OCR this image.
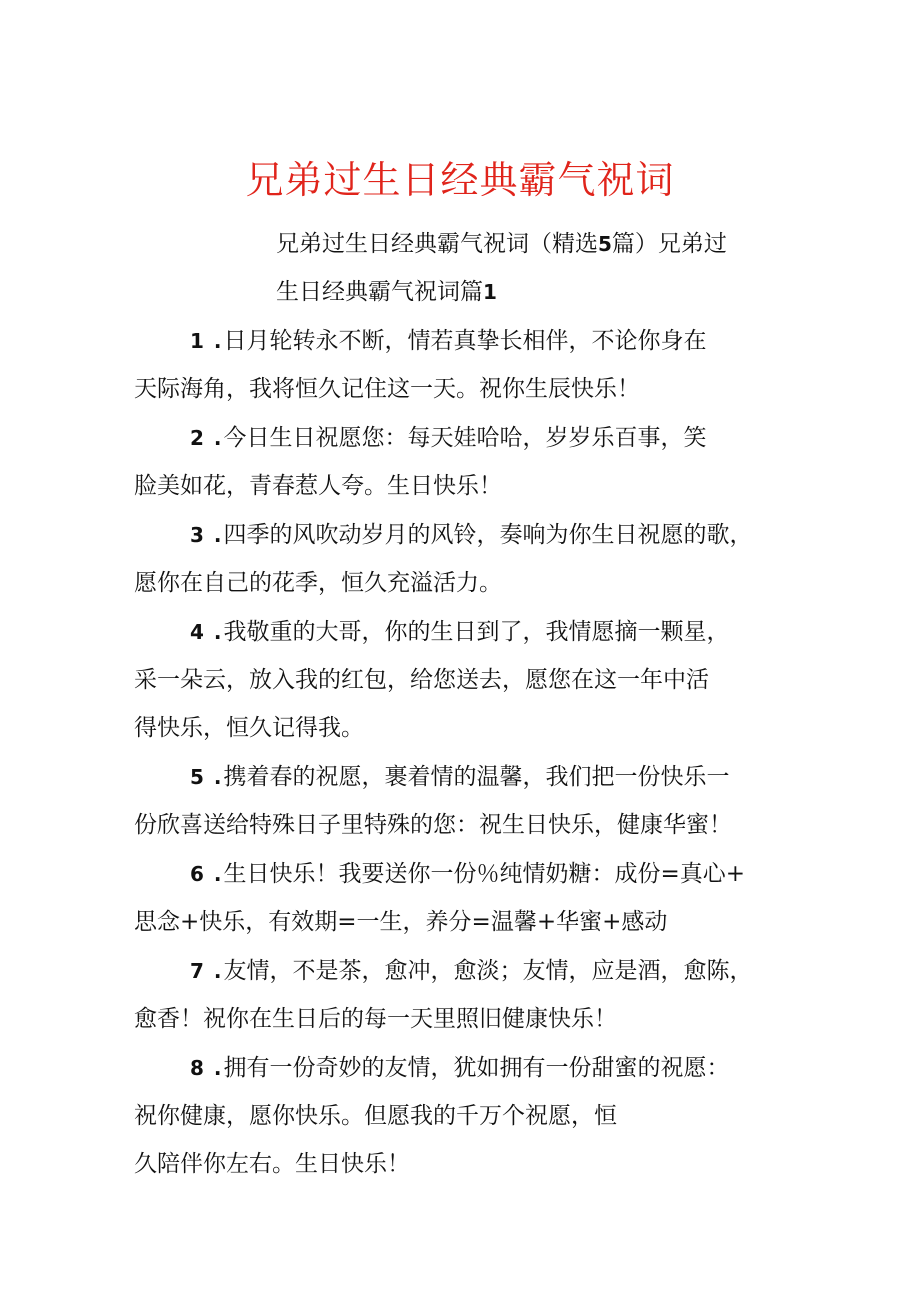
兄弟过生日经典霸气祝词
兄弟过生日经典霸气祝词（精选5篇）兄弟过
生日经典霸气祝词篇1
1 .日月轮转永不断，情若真挚长相伴，不论你身在
天际海角，我将恒久记住这一天。祝你生辰快乐！
2 .今日生日祝愿您：每天娃哈哈，岁岁乐百事，笑
脸美如花，青春惹人夸。生日快乐！
3 .四季的风吹动岁月的风铃，奏响为你生日祝愿的歌，
愿你在自己的花季，恒久充溢活力。
4 .我敬重的大哥，你的生日到了，我情愿摘一颗星，
采一朵云，放入我的红包，给您送去，愿您在这一年中活
得快乐，恒久记得我。
5 .携着春的祝愿，裹着情的温馨，我们把一份快乐一
份欣喜送给特殊日子里特殊的您：祝生日快乐，健康华蜜！
6 .生日快乐！我要送你一份％纯情奶糖：成份=真心+
思念+快乐，有效期=一生，养分=温馨+华蜜+感动
7 .友情，不是茶，愈冲，愈淡；友情，应是酒，愈陈，
愈香！祝你在生日后的每一天里照旧健康快乐！
8 .拥有一份奇妙的友情，犹如拥有一份甜蜜的祝愿：
祝你健康，愿你快乐。但愿我的千万个祝愿，恒
久陪伴你左右。生日快乐！
